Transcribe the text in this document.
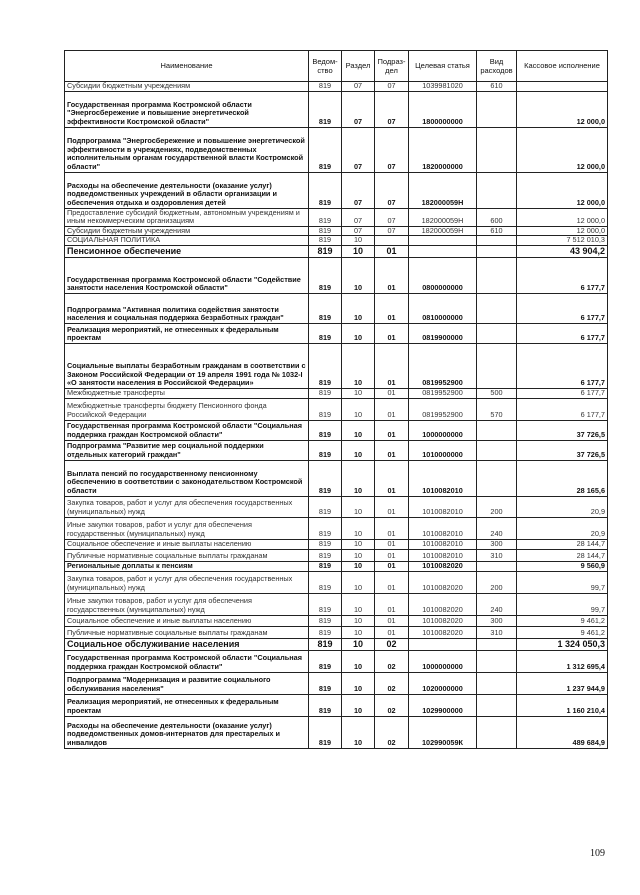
Наименование	Ведом-ство	Раздел	Подраз-дел	Целевая статья	Вид расходов	Кассовое исполнение
Субсидии бюджетным учреждениям	819	07	07	1039981020	610	
Государственная программа Костромской области "Энергосбережение и повышение энергетической эффективности Костромской области"	819	07	07	1800000000		12 000,0
Подпрограмма "Энергосбережение и повышение энергетической эффективности в учреждениях, подведомственных исполнительным органам государственной власти Костромской области"	819	07	07	1820000000		12 000,0
Расходы на обеспечение деятельности (оказание услуг) подведомственных учреждений в области организации и обеспечения отдыха и оздоровления детей	819	07	07	182000059Н		12 000,0
Предоставление субсидий бюджетным, автономным учреждениям и иным некоммерческим организациям	819	07	07	182000059Н	600	12 000,0
Субсидии бюджетным учреждениям	819	07	07	182000059Н	610	12 000,0
СОЦИАЛЬНАЯ ПОЛИТИКА	819	10				7 512 010,3
Пенсионное обеспечение	819	10	01			43 904,2
Государственная программа Костромской области "Содействие занятости населения Костромской области"	819	10	01	0800000000		6 177,7
Подпрограмма "Активная политика содействия занятости населения и социальная поддержка безработных граждан"	819	10	01	0810000000		6 177,7
Реализация мероприятий, не отнесенных к федеральным проектам	819	10	01	0819900000		6 177,7
Социальные выплаты безработным гражданам в соответствии с Законом Российской Федерации от 19 апреля 1991 года № 1032-I «О занятости населения в Российской Федерации»	819	10	01	0819952900		6 177,7
Межбюджетные трансферты	819	10	01	0819952900	500	6 177,7
Межбюджетные трансферты бюджету Пенсионного фонда Российской Федерации	819	10	01	0819952900	570	6 177,7
Государственная программа Костромской области "Социальная поддержка граждан Костромской области"	819	10	01	1000000000		37 726,5
Подпрограмма "Развитие мер социальной поддержки отдельных категорий граждан"	819	10	01	1010000000		37 726,5
Выплата пенсий по государственному пенсионному обеспечению в соответствии с законодательством Костромской области	819	10	01	1010082010		28 165,6
Закупка товаров, работ и услуг для обеспечения государственных (муниципальных) нужд	819	10	01	1010082010	200	20,9
Иные закупки товаров, работ и услуг для обеспечения государственных (муниципальных) нужд	819	10	01	1010082010	240	20,9
Социальное обеспечение и иные выплаты населению	819	10	01	1010082010	300	28 144,7
Публичные нормативные социальные выплаты гражданам	819	10	01	1010082010	310	28 144,7
Региональные доплаты к пенсиям	819	10	01	1010082020		9 560,9
Закупка товаров, работ и услуг для обеспечения государственных (муниципальных) нужд	819	10	01	1010082020	200	99,7
Иные закупки товаров, работ и услуг для обеспечения государственных (муниципальных) нужд	819	10	01	1010082020	240	99,7
Социальное обеспечение и иные выплаты населению	819	10	01	1010082020	300	9 461,2
Публичные нормативные социальные выплаты гражданам	819	10	01	1010082020	310	9 461,2
Социальное обслуживание населения	819	10	02			1 324 050,3
Государственная программа Костромской области "Социальная поддержка граждан Костромской области"	819	10	02	1000000000		1 312 695,4
Подпрограмма "Модернизация и развитие социального обслуживания населения"	819	10	02	1020000000		1 237 944,9
Реализация мероприятий, не отнесенных к федеральным проектам	819	10	02	1029900000		1 160 210,4
Расходы на обеспечение деятельности (оказание услуг) подведомственных домов-интернатов для престарелых и инвалидов	819	10	02	102990059К		489 684,9
109
